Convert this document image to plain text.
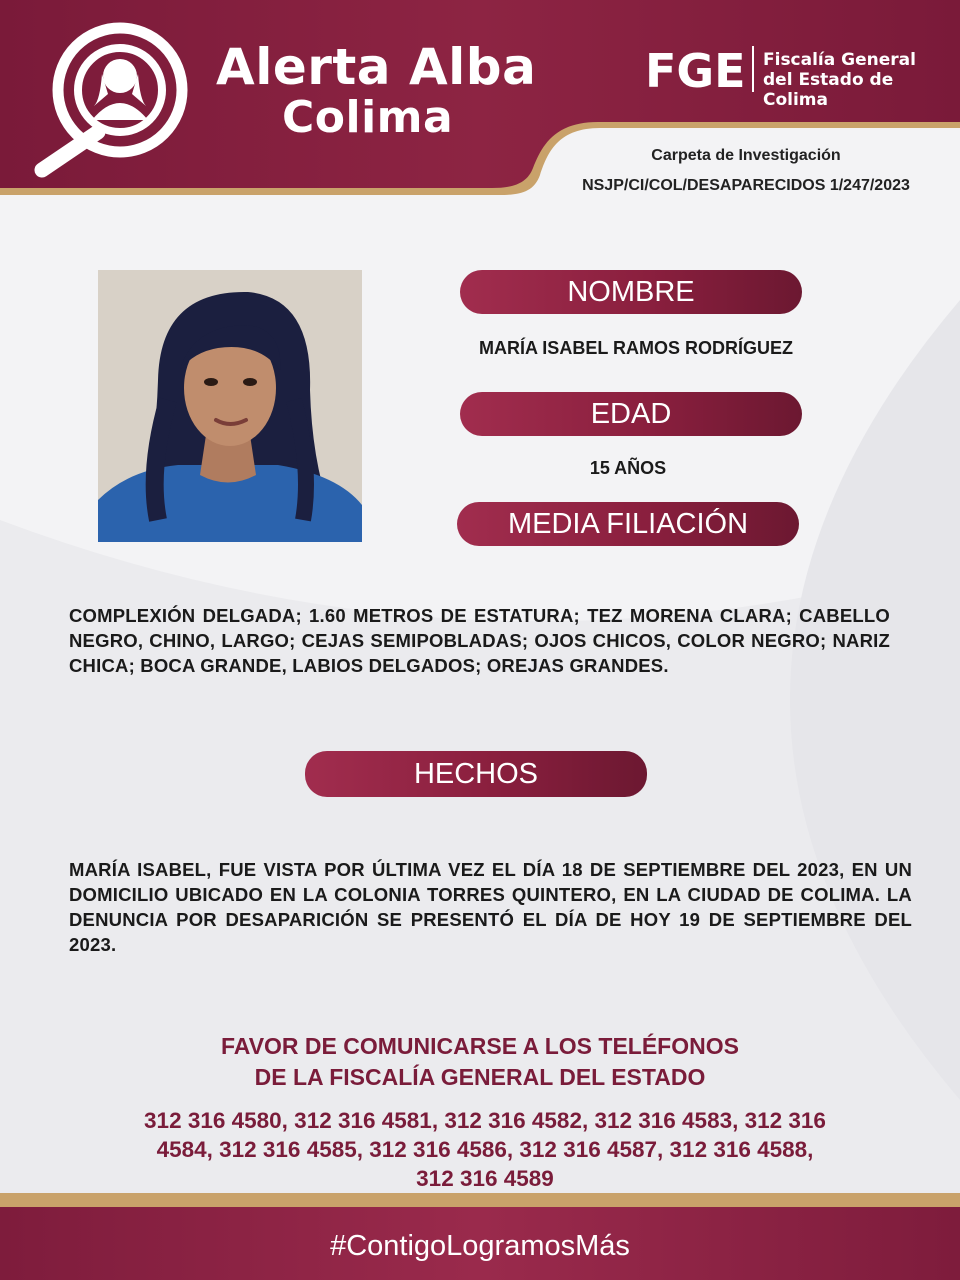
Alerta Alba
Colima
FGE Fiscalía General
del Estado de Colima
Carpeta de Investigación
NSJP/CI/COL/DESAPARECIDOS 1/247/2023
NOMBRE
MARÍA ISABEL RAMOS RODRÍGUEZ
EDAD
15 AÑOS
MEDIA FILIACIÓN
COMPLEXIÓN DELGADA; 1.60 METROS DE ESTATURA; TEZ MORENA CLARA; CABELLO NEGRO, CHINO, LARGO; CEJAS SEMIPOBLADAS; OJOS CHICOS, COLOR NEGRO; NARIZ CHICA; BOCA GRANDE, LABIOS DELGADOS; OREJAS GRANDES.
HECHOS
MARÍA ISABEL, FUE VISTA POR ÚLTIMA VEZ EL DÍA 18 DE SEPTIEMBRE DEL 2023, EN UN DOMICILIO UBICADO EN LA COLONIA TORRES QUINTERO, EN LA CIUDAD DE COLIMA. LA DENUNCIA POR DESAPARICIÓN SE PRESENTÓ EL DÍA DE HOY 19 DE SEPTIEMBRE DEL 2023.
FAVOR DE COMUNICARSE A LOS TELÉFONOS
DE LA FISCALÍA GENERAL DEL ESTADO
312 316 4580, 312 316 4581, 312 316 4582, 312 316 4583, 312 316
4584, 312 316 4585, 312 316 4586, 312 316 4587, 312 316 4588,
312 316 4589
#ContigoLogramosMás
